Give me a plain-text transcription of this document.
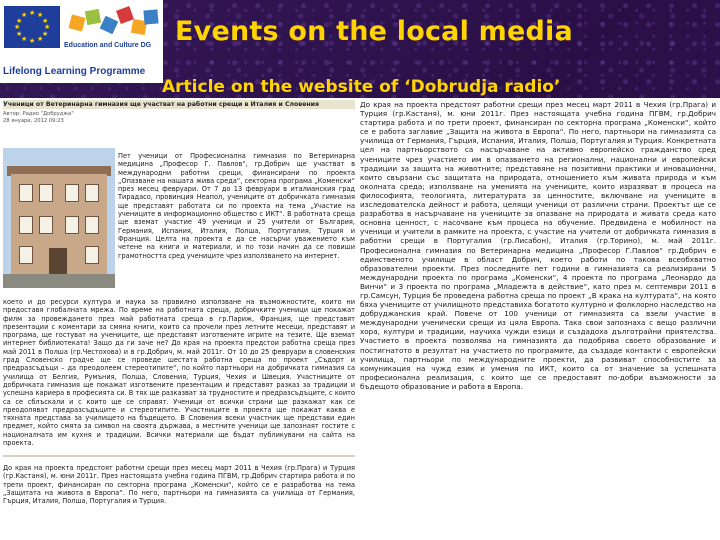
★ ★
★
★
★
★
★
★
★
★
★
★
Education and Culture DG
Lifelong Learning Programme
Events on the local media
Article on the website of ‘Dobrudja radio’
Ученици от Ветеринарна гимназия ще участват на работни срещи в Италия и Словения
Автор: Радио "Добруджа"
28 януари, 2012 09:23

Пет ученици от Професионална гимназия по Ветеринарна медицина „Професор Г. Павлов“, гр.Добрич ще участват в международни работни срещи, финансирани по проекта „Опазване на нашата жива среда“, секторна програма „Коменски“ през месец февруари. От 7 до 13 февруари в италианския град Тирадасо, провинция Неапол, учениците от добричката гимназия ще представят работата си по проекта на тема „Участие на учениците в информационно общество с ИКТ“. В работната среща ще вземат участие 49 ученици и 25 учители от България, Германия, Испания, Италия, Полша, Португалия, Турция и Франция. Целта на проекта е да се насърчи уважението към четене на книги и материали, и по този начин да се повиши грамотността сред учениците чрез използването на интернет.

което и до ресурси култура и наука за правилно използване на възможностите, които ни предоставя глобалната мрежа. По време на работната среща, добричките ученици ще покажат филм за провеждането през май работната среща в гр.Париж, Франция, ще представят презентации с коментари за смяна книги, които са прочели през летните месеци, представят и програма, ще гостуват на учениците, ще представят изготвените игрите на тезите. Ще вземат интернет библиотеката! Защо да ги заче не? До края на проекта предстои работна среща през май 2011 в Полша (гр.Честохова) и в гр.Добрич, м. май 2011г. От 10 до 25 февруари в словенския град Словенско градче ще се проведе шестата работна среща по проект „Съдорт и предразсъдъци – да преодолеем стереотипите“, по който партньори на добричката гимназия са училища от Белгия, Румъния, Полша, Словения, Турция, Чехия и Швеция. Участниците от добричката гимназия ще покажат изготвените презентации и представят разказ за традиции и успешна кариера в професията си. В тях ще разказват за трудностите и предразсъдъците, с които са се сблъскали и с които ще се справят. Ученици от всички страни ще разкажат как се преодоляват предразсъдъците и стереотипите. Участниците в проекта ще покажат каква е тяхната представа за училището на бъдещето. В Словения всеки участник ще представи един предмет, който смята за символ на своята държава, а местните ученици ще запознаят гостите с националната им кухня и традиции. Всички материали ще бъдат публикувани на сайта на проекта.

До края на проекта предстоят работни срещи през месец март 2011 в Чехия (гр.Прага) и Турция (гр.Кастаня), м. юни 2011г. През настоящата учебна година ПГВМ, гр.Добрич стартира работа и по трети проект, финансиран по секторна програма „Коменски“, който се е разработва на тема „Защитата на живота в Европа“. По него, партньори на гимназията са училища от Германия, Гърция, Италия, Полша, Португалия и Турция.

До края на проекта предстоят работни срещи през месец март 2011 в Чехия (гр.Прага) и Турция (гр.Кастаня), м. юни 2011г. През настоящата учебна година ПГВМ, гр.Добрич стартира работа и по трети проект, финансиран по секторна програма „Коменски“, който се е работа заглавие „Защита на живота в Европа“. По него, партньори на гимназията са училища от Германия, Гърция, Испания, Италия, Полша, Португалия и Турция. Конкретната цел на партньорството са насърчаване на активно европейско гражданство сред учениците чрез участието им в опазването на регионални, национални и европейски традиции за защита на животните; представяне на позитивни практики и иновационни, които свързани със защитата на природата, отношението към живата природа и към околната среда; използване на уменията на учениците, които изразяват в процеса на философията, теологията, литературата за ценностите, включване на учениците в изследователска дейност и работа, целящи ученици от различни страни. Проектът ще се разработва в насърчаване на учениците за опазване на природата и живата среда като основна ценност, с насочване към процеса на обучение. Предвидена е мобилност на ученици и учители в рамките на проекта, с участие на учители от добричката гимназия в работни срещи в Португалия (гр.Лисабон), Италия (гр.Торино), м. май 2011г. Професионална гимназия по Ветеринарна медицина „Професор Г.Павлов“ гр.Добрич е единственото училище в област Добрич, което работи по такова всеобхватно образователни проекти. През последните пет години в гимназията са реализирани 5 международни проекта по програма „Коменски“, 4 проекта по програма „Леонардо да Винчи“ и 3 проекта по програма „Младежта в действие“, като през м. септември 2011 в гр.Самсун, Турция бе проведена работна среща по проект „В крака на културата“, на която бяха учениците от училищното представиха богатото културно и фолклорно наследство на добруджанския край. Повече от 100 ученици от гимназията са взели участие в международни ученически срещи из цяла Европа. Така свои запознаха с вещо различни хора, култури и традиции, научиха чужди езици и създадоха дълготрайни приятелства. Участието в проекта позволява на гимназията да подобрява своето образование и постигнатото в резултат на участието по програмите, да създаде контакти с европейски училища, партньори по международните проекти, да развиват способностите за комуникация на чужд език и умения по ИКТ, които са от значение за успешната професионална реализация, с които ще се предоставят по-добри възможности за бъдещото образование и работа в Европа.
